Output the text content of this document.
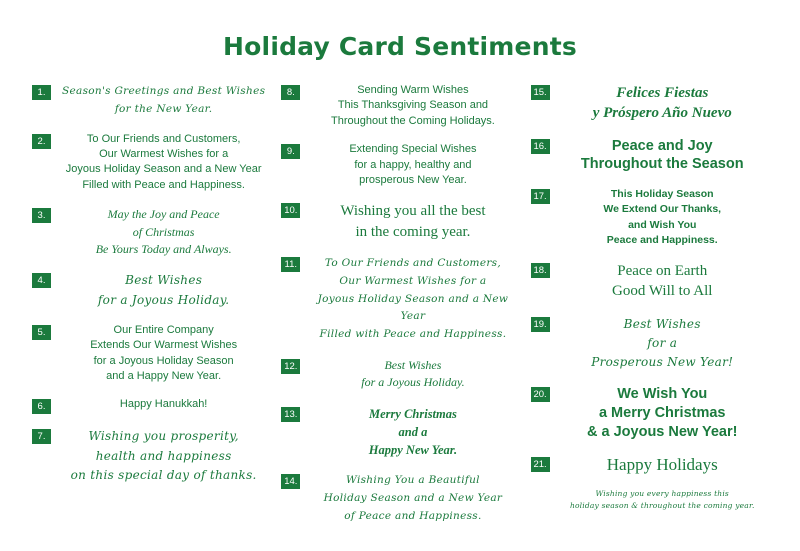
Holiday Card Sentiments
1.	Season's Greetings and Best Wishes
for the New Year.
2.	To Our Friends and Customers,
Our Warmest Wishes for a
Joyous Holiday Season and a New Year
Filled with Peace and Happiness.
3.	May the Joy and Peace
of Christmas
Be Yours Today and Always.
4.	Best Wishes
for a Joyous Holiday.
5.	Our Entire Company
Extends Our Warmest Wishes
for a Joyous Holiday Season
and a Happy New Year.
6.	Happy Hanukkah!
7.	Wishing you prosperity,
health and happiness
on this special day of thanks.
8.	Sending Warm Wishes
This Thanksgiving Season and
Throughout the Coming Holidays.
9.	Extending Special Wishes
for a happy, healthy and
prosperous New Year.
10.	Wishing you all the best
in the coming year.
11.	To Our Friends and Customers,
Our Warmest Wishes for a
Joyous Holiday Season and a New Year
Filled with Peace and Happiness.
12.	Best Wishes
for a Joyous Holiday.
13.	Merry Christmas
and a
Happy New Year.
14.	Wishing You a Beautiful
Holiday Season and a New Year
of Peace and Happiness.
15.	Felices Fiestas
y Próspero Año Nuevo
16.	Peace and Joy
Throughout the Season
17.	This Holiday Season
We Extend Our Thanks,
and Wish You
Peace and Happiness.
18.	Peace on Earth
Good Will to All
19.	Best Wishes
for a
Prosperous New Year!
20.	We Wish You
a Merry Christmas
& a Joyous New Year!
21.	Happy Holidays
Wishing you every happiness this
holiday season & throughout the coming year.
